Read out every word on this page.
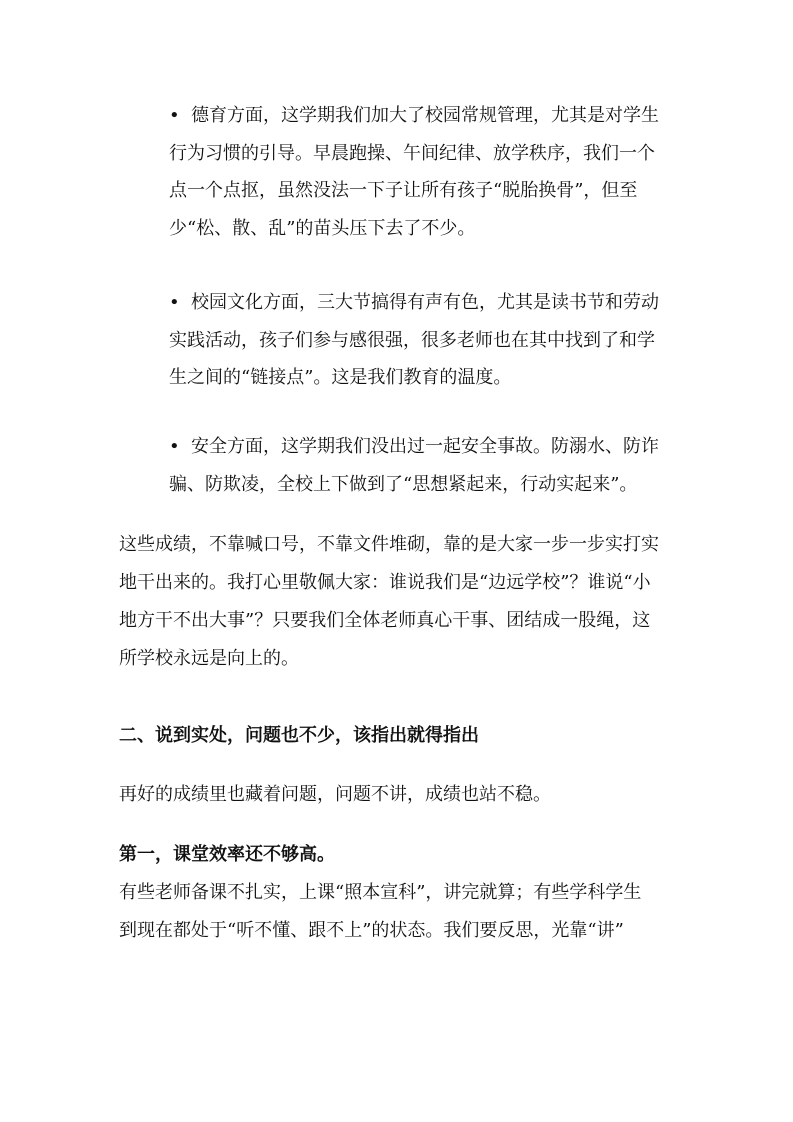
• 德育方面，这学期我们加大了校园常规管理，尤其是对学生
行为习惯的引导。早晨跑操、午间纪律、放学秩序，我们一个
点一个点抠，虽然没法一下子让所有孩子“脱胎换骨”，但至
少“松、散、乱”的苗头压下去了不少。
• 校园文化方面，三大节搞得有声有色，尤其是读书节和劳动
实践活动，孩子们参与感很强，很多老师也在其中找到了和学
生之间的“链接点”。这是我们教育的温度。
• 安全方面，这学期我们没出过一起安全事故。防溺水、防诈
骗、防欺凌，全校上下做到了“思想紧起来，行动实起来”。
这些成绩，不靠喊口号，不靠文件堆砌，靠的是大家一步一步实打实
地干出来的。我打心里敬佩大家：谁说我们是“边远学校”？谁说“小
地方干不出大事”？只要我们全体老师真心干事、团结成一股绳，这
所学校永远是向上的。
二、说到实处，问题也不少，该指出就得指出
再好的成绩里也藏着问题，问题不讲，成绩也站不稳。
第一，课堂效率还不够高。
有些老师备课不扎实，上课“照本宣科”，讲完就算；有些学科学生
到现在都处于“听不懂、跟不上”的状态。我们要反思，光靠“讲”
